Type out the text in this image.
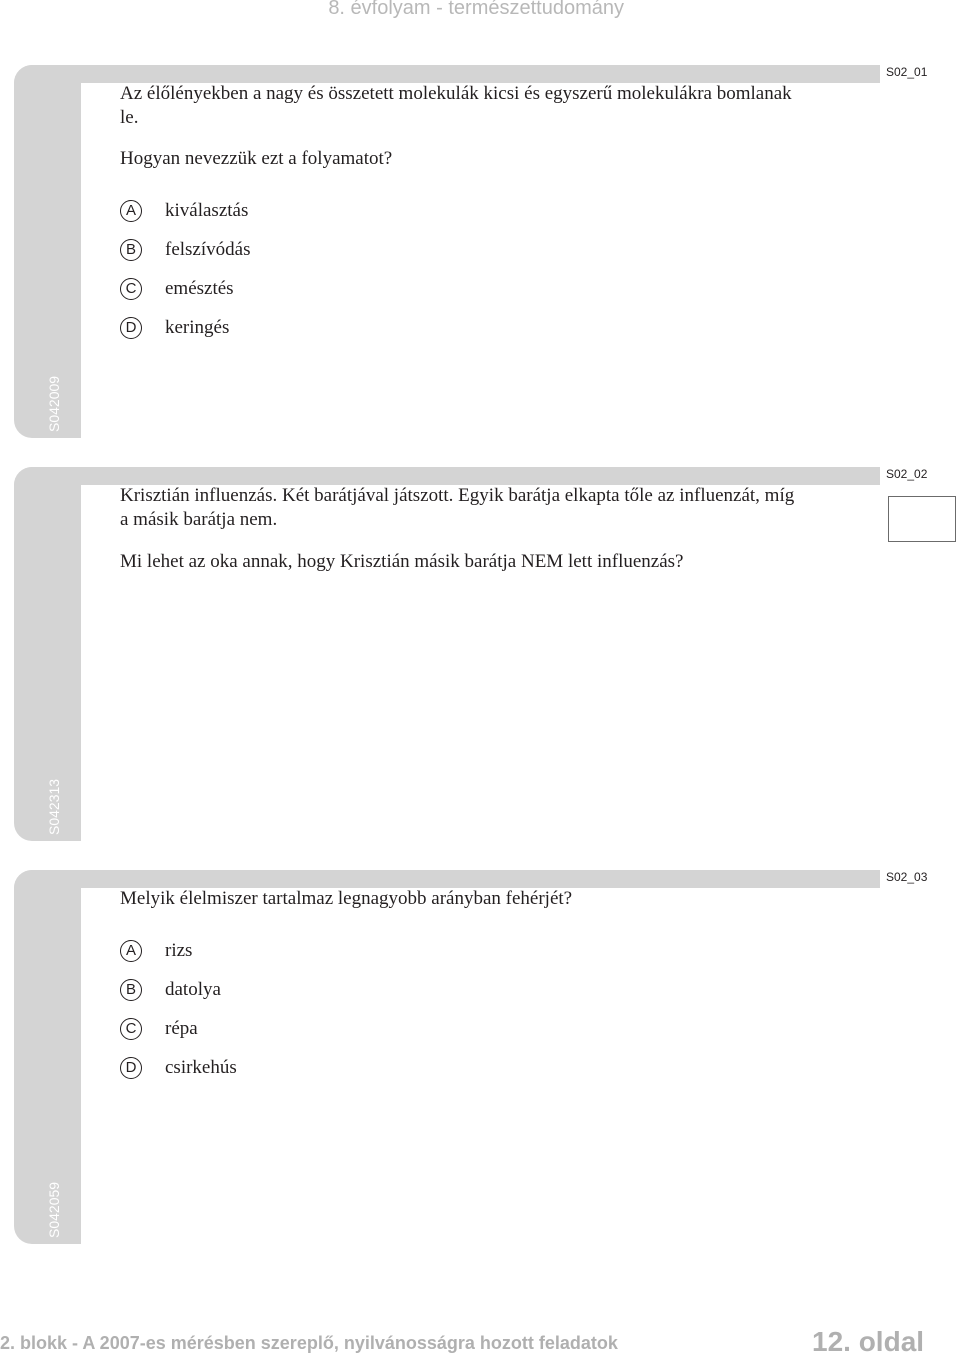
8. évfolyam - természettudomány
S042009
S02_01
Az élőlényekben a nagy és összetett molekulák kicsi és egyszerű molekulákra bomlanak le.
Hogyan nevezzük ezt a folyamatot?
A	kiválasztás
B	felszívódás
C emésztés
D keringés
S042313
S02_02
Krisztián influenzás. Két barátjával játszott. Egyik barátja elkapta tőle az influenzát, míg a másik barátja nem.
Mi lehet az oka annak, hogy Krisztián másik barátja NEM lett influenzás?
S042059
S02_03
Melyik élelmiszer tartalmaz legnagyobb arányban fehérjét?
A	rizs
B	datolya
C répa
D csirkehús
2. blokk - A 2007-es mérésben szereplő, nyilvánosságra hozott feladatok	12. oldal
